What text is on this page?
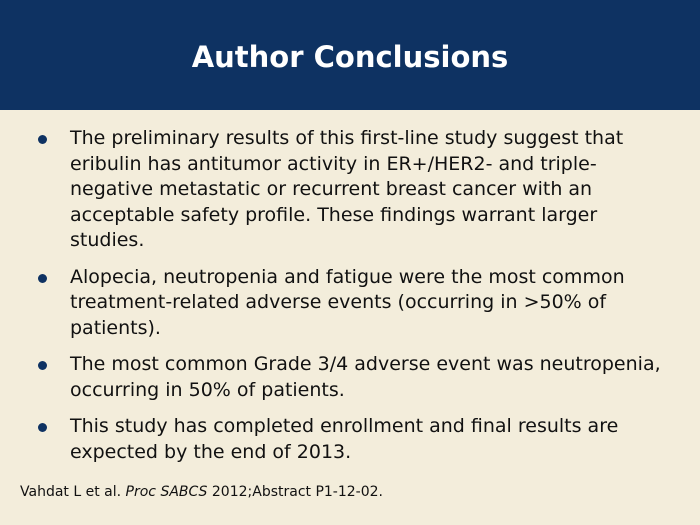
Author Conclusions
The preliminary results of this first-line study suggest that eribulin has antitumor activity in ER+/HER2- and triple-negative metastatic or recurrent breast cancer with an acceptable safety profile. These findings warrant larger studies.
Alopecia, neutropenia and fatigue were the most common treatment-related adverse events (occurring in >50% of patients).
The most common Grade 3/4 adverse event was neutropenia, occurring in 50% of patients.
This study has completed enrollment and final results are expected by the end of 2013.

Vahdat L et al. Proc SABCS 2012;Abstract P1-12-02.
